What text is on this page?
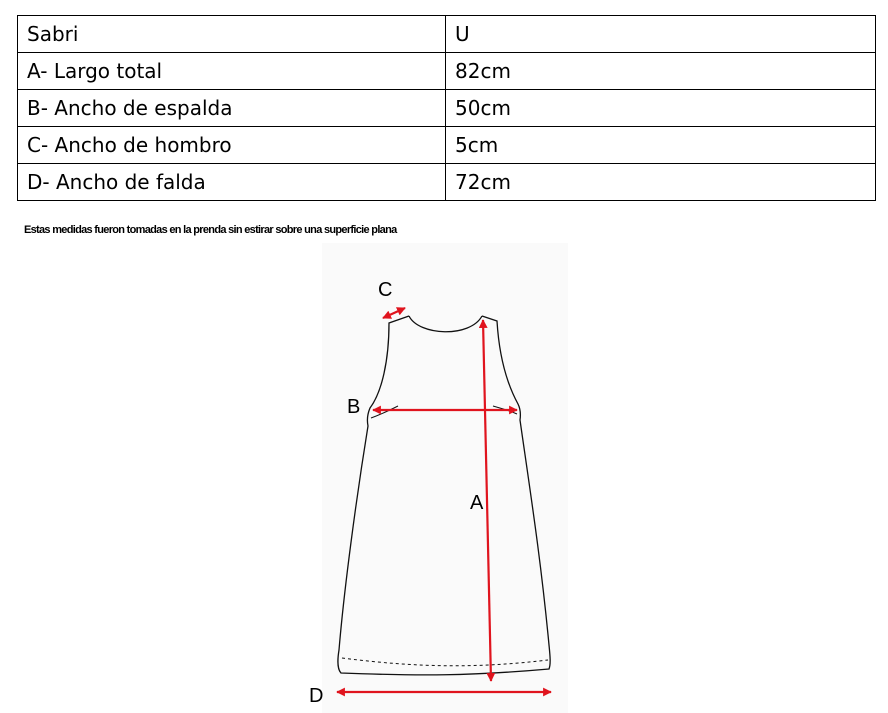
Sabri	U
A- Largo total	82cm
B- Ancho de espalda	50cm
C- Ancho de hombro	5cm
D- Ancho de falda	72cm
Estas medidas fueron tomadas en la prenda sin estirar sobre una superficie plana
C
B
A
D
